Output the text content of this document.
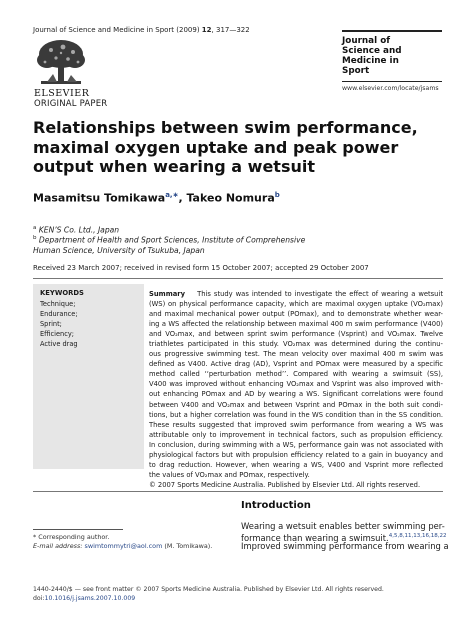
Journal of Science and Medicine in Sport (2009) 12, 317—322
ELSEVIER
ORIGINAL PAPER
Journal of
Science and
Medicine in
Sport
www.elsevier.com/locate/jsams
Relationships between swim performance,
maximal oxygen uptake and peak power
output when wearing a wetsuit
Masamitsu Tomikawa$^{a,∗}$, Takeo Nomura$^b$
$^a$ KEN’S Co. Ltd., Japan
$^b$ Department of Health and Sport Sciences, Institute of Comprehensive
Human Science, University of Tsukuba, Japan
Received 23 March 2007; received in revised form 15 October 2007; accepted 29 October 2007
KEYWORDS
Technique;
Endurance;
Sprint;
Efficiency;
Active drag
Summary This study was intended to investigate the effect of wearing a wetsuit
(WS) on physical performance capacity, which are maximal oxygen uptake (VO₂max)
and maximal mechanical power output (POmax), and to demonstrate whether wear-
ing a WS affected the relationship between maximal 400 m swim performance (V400)
and VO₂max, and between sprint swim performance (Vsprint) and VO₂max. Twelve
triathletes participated in this study. VO₂max was determined during the continu-
ous progressive swimming test. The mean velocity over maximal 400 m swim was
defined as V400. Active drag (AD), Vsprint and POmax were measured by a specific
method called ‘‘perturbation method’’. Compared with wearing a swimsuit (SS),
V400 was improved without enhancing VO₂max and Vsprint was also improved with-
out enhancing POmax and AD by wearing a WS. Significant correlations were found
between V400 and VO₂max and between Vsprint and POmax in the both suit condi-
tions, but a higher correlation was found in the WS condition than in the SS condition.
These results suggested that improved swim performance from wearing a WS was
attributable only to improvement in technical factors, such as propulsion efficiency.
In conclusion, during swimming with a WS, performance gain was not associated with
physiological factors but with propulsion efficiency related to a gain in buoyancy and
to drag reduction. However, when wearing a WS, V400 and Vsprint more reflected
the values of VO₂max and POmax, respectively.
© 2007 Sports Medicine Australia. Published by Elsevier Ltd. All rights reserved.
Introduction
Wearing a wetsuit enables better swimming per-
formance than wearing a swimsuit.$^{4,5,8,11,13,16,18,22}$
Improved swimming performance from wearing a
* Corresponding author.
E-mail address: swimtommytri@aol.com (M. Tomikawa).
1440-2440/$ — see front matter © 2007 Sports Medicine Australia. Published by Elsevier Ltd. All rights reserved.
doi:10.1016/j.jsams.2007.10.009
